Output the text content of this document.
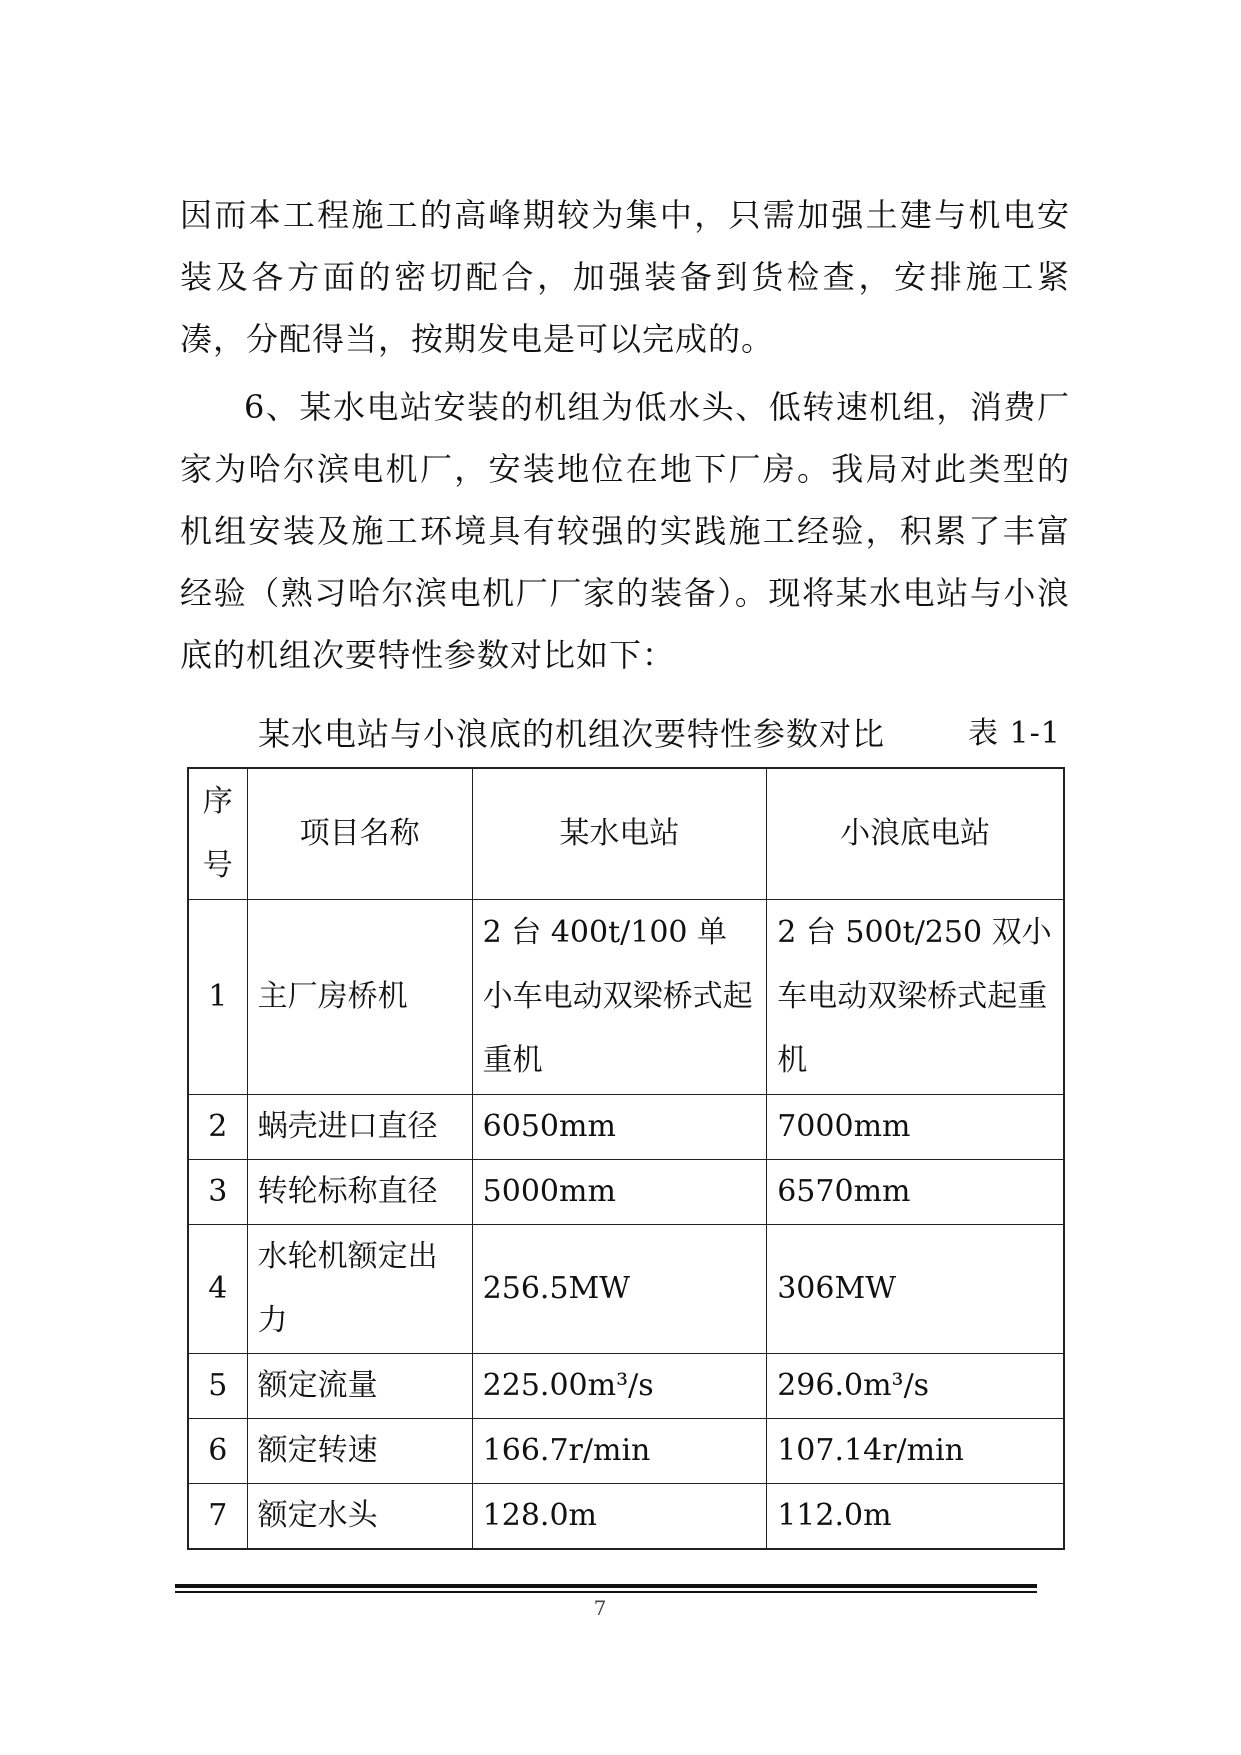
因而本工程施工的高峰期较为集中，只需加强土建与机电安装及各方面的密切配合，加强装备到货检查，安排施工紧凑，分配得当，按期发电是可以完成的。

6、某水电站安装的机组为低水头、低转速机组，消费厂家为哈尔滨电机厂，安装地位在地下厂房。我局对此类型的机组安装及施工环境具有较强的实践施工经验，积累了丰富经验（熟习哈尔滨电机厂厂家的装备）。现将某水电站与小浪底的机组次要特性参数对比如下：

某水电站与小浪底的机组次要特性参数对比	表 1-1
序号	项目名称	某水电站	小浪底电站
1	主厂房桥机	2 台 400t/100 单小车电动双梁桥式起重机	2 台 500t/250 双小车电动双梁桥式起重机
2	蜗壳进口直径	6050mm	7000mm
3	转轮标称直径	5000mm	6570mm
4	水轮机额定出力	256.5MW	306MW
5	额定流量	225.00m³/s	296.0m³/s
6	额定转速	166.7r/min	107.14r/min
7	额定水头	128.0m	112.0m
7
